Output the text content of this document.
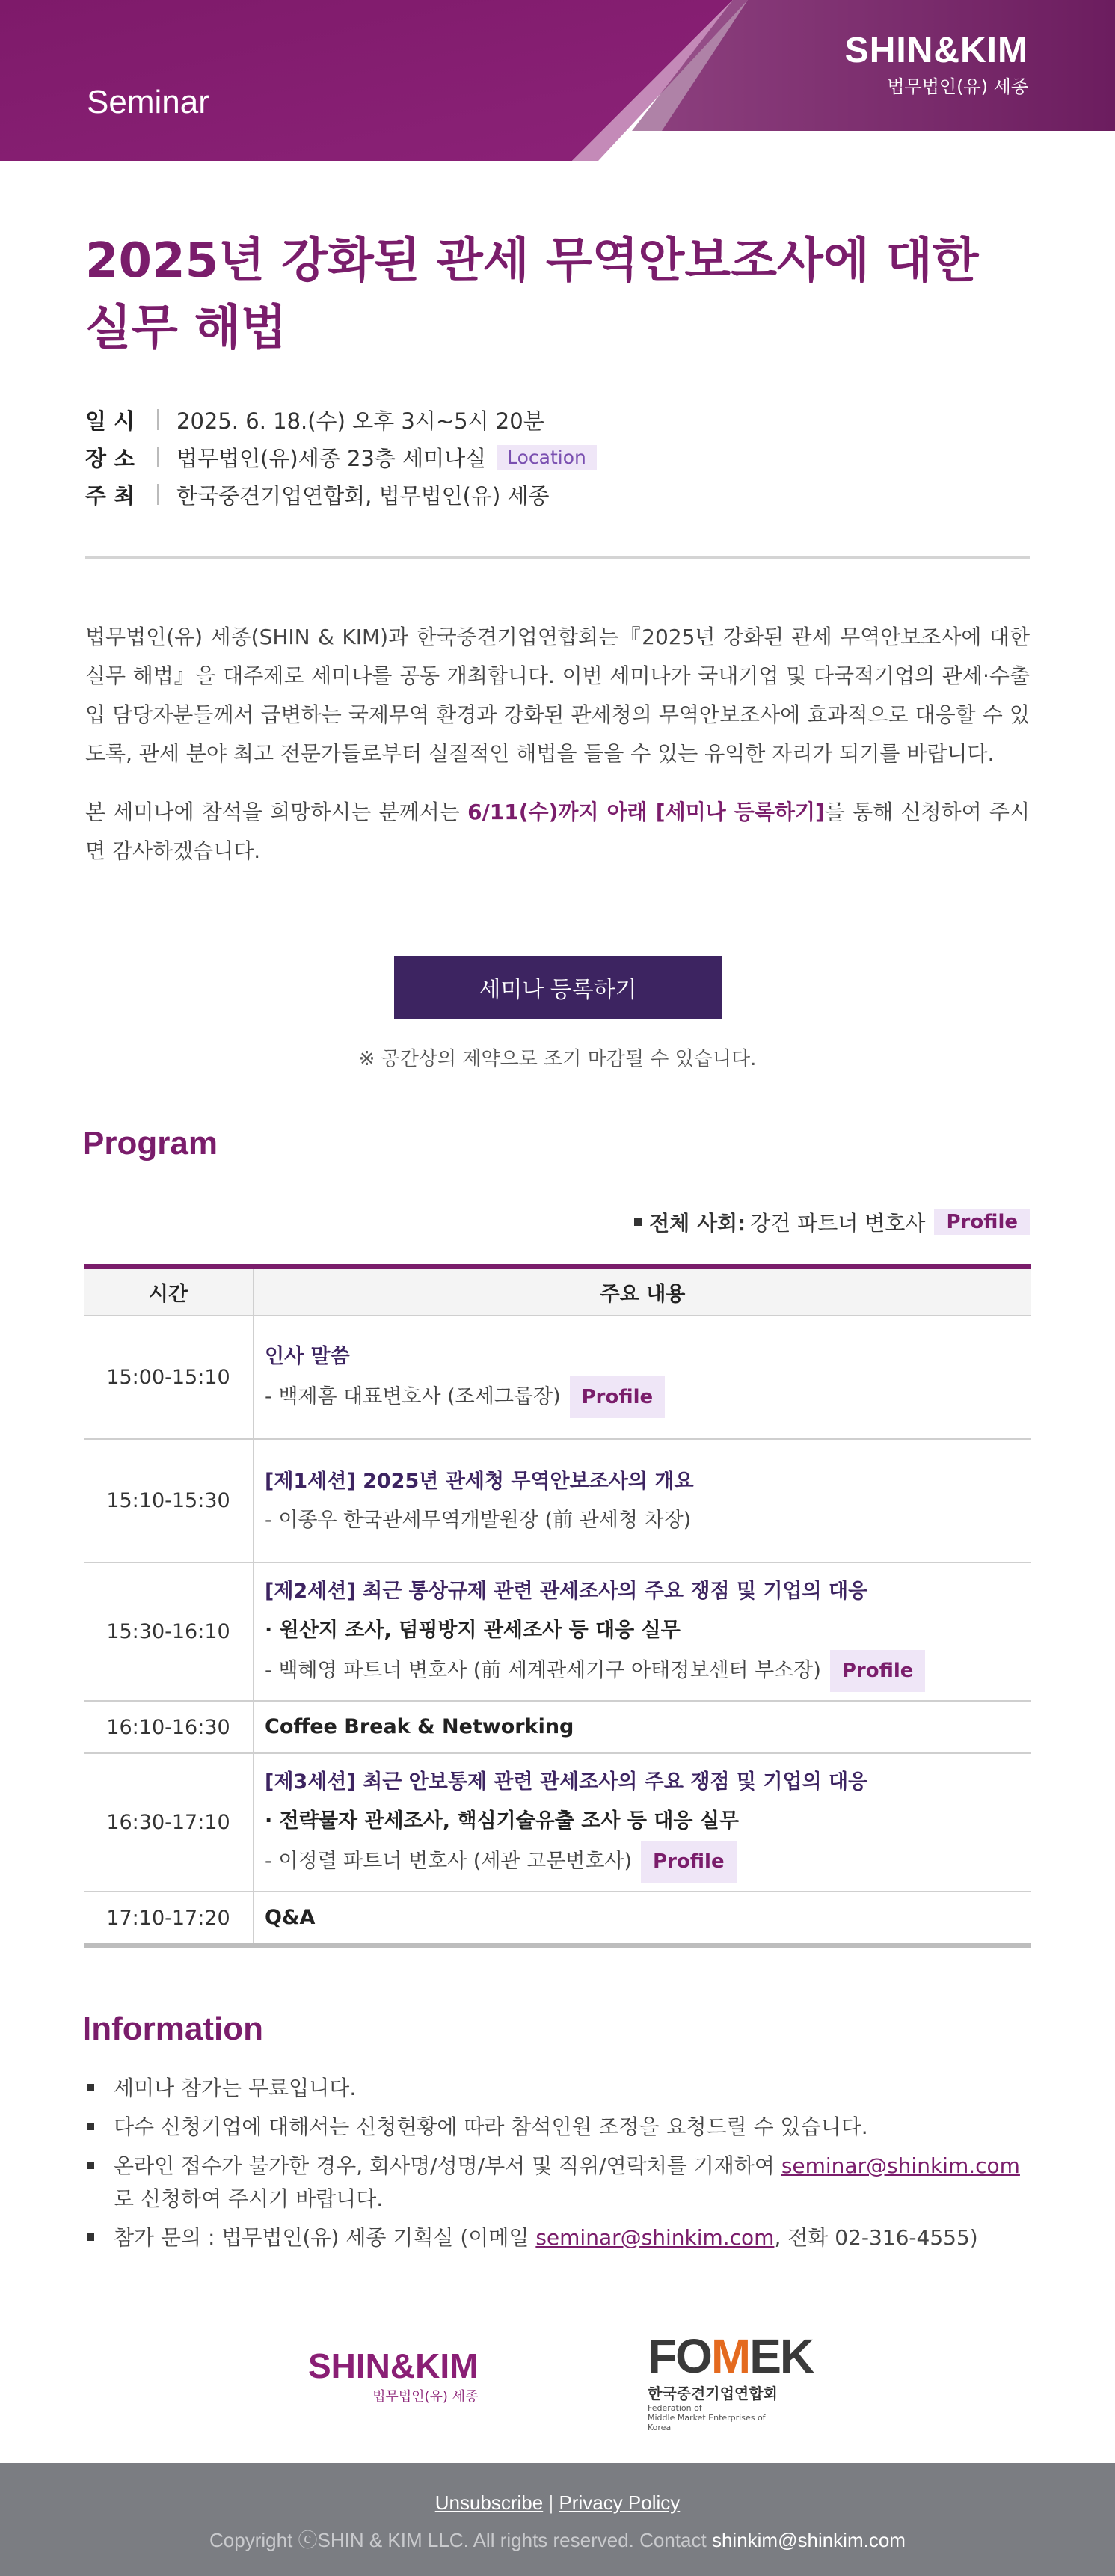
Seminar
SHIN&KIM
법무법인(유) 세종
2025년 강화된 관세 무역안보조사에 대한 실무 해법
일 시	2025. 6. 18.(수) 오후 3시~5시 20분
장 소	법무법인(유)세종 23층 세미나실	Location
주 최	한국중견기업연합회, 법무법인(유) 세종

법무법인(유) 세종(SHIN & KIM)과 한국중견기업연합회는『2025년 강화된 관세 무역안보조사에 대한 실무 해법』을 대주제로 세미나를 공동 개최합니다. 이번 세미나가 국내기업 및 다국적기업의 관세·수출입 담당자분들께서 급변하는 국제무역 환경과 강화된 관세청의 무역안보조사에 효과적으로 대응할 수 있도록, 관세 분야 최고 전문가들로부터 실질적인 해법을 들을 수 있는 유익한 자리가 되기를 바랍니다.

본 세미나에 참석을 희망하시는 분께서는 6/11(수)까지 아래 [세미나 등록하기]를 통해 신청하여 주시면 감사하겠습니다.

세미나 등록하기
※ 공간상의 제약으로 조기 마감될 수 있습니다.
Program
전체 사회: 강건 파트너 변호사	Profile
시간	주요 내용
15:00-15:10	인사 말씀
- 백제흠 대표변호사 (조세그룹장) Profile

15:10-15:30	[제1세션] 2025년 관세청 무역안보조사의 개요
- 이종우 한국관세무역개발원장 (前 관세청 차장)

15:30-16:10	[제2세션] 최근 통상규제 관련 관세조사의 주요 쟁점 및 기업의 대응
· 원산지 조사, 덤핑방지 관세조사 등 대응 실무
- 백혜영 파트너 변호사 (前 세계관세기구 아태정보센터 부소장) Profile

16:10-16:30	Coffee Break & Networking

16:30-17:10	[제3세션] 최근 안보통제 관련 관세조사의 주요 쟁점 및 기업의 대응
· 전략물자 관세조사, 핵심기술유출 조사 등 대응 실무
- 이정렬 파트너 변호사 (세관 고문변호사) Profile

17:10-17:20	Q&A
Information
세미나 참가는 무료입니다.
다수 신청기업에 대해서는 신청현황에 따라 참석인원 조정을 요청드릴 수 있습니다.
온라인 접수가 불가한 경우, 회사명/성명/부서 및 직위/연락처를 기재하여 seminar@shinkim.com로 신청하여 주시기 바랍니다.
참가 문의 : 법무법인(유) 세종 기획실 (이메일 seminar@shinkim.com, 전화 02-316-4555)
SHIN&KIM
법무법인(유) 세종
FOMEK
한국중견기업연합회
Federation of
Middle Market Enterprises of Korea
Unsubscribe | Privacy Policy
Copyright ⓒSHIN & KIM LLC. All rights reserved. Contact shinkim@shinkim.com
